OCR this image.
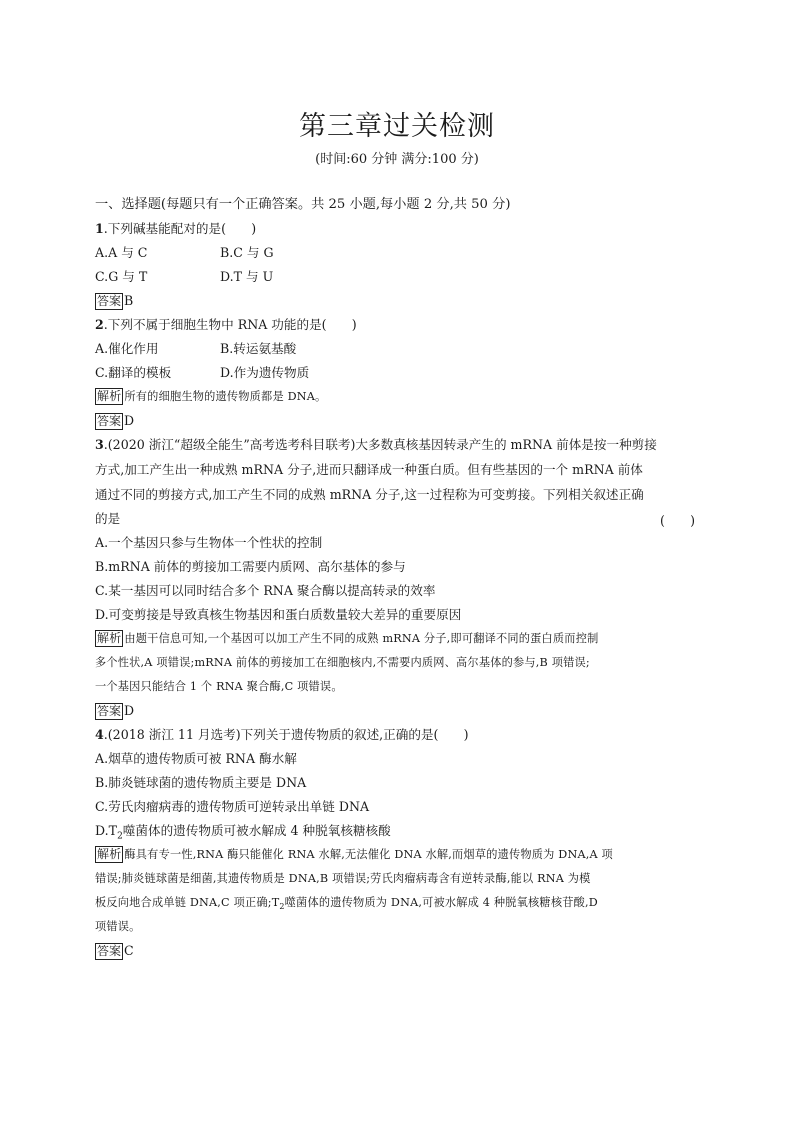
第三章过关检测
(时间:60 分钟 满分:100 分)
一、选择题(每题只有一个正确答案。共 25 小题,每小题 2 分,共 50 分)
1.下列碱基能配对的是(　　)
A.A 与 C	B.C 与 G
C.G 与 T	D.T 与 U
答案 B
2.下列不属于细胞生物中 RNA 功能的是(　　)
A.催化作用	B.转运氨基酸
C.翻译的模板	D.作为遗传物质
解析 所有的细胞生物的遗传物质都是 DNA。
答案 D
3.(2020 浙江“超级全能生”高考选考科目联考)大多数真核基因转录产生的 mRNA 前体是按一种剪接
方式,加工产生出一种成熟 mRNA 分子,进而只翻译成一种蛋白质。但有些基因的一个 mRNA 前体
通过不同的剪接方式,加工产生不同的成熟 mRNA 分子,这一过程称为可变剪接。下列相关叙述正确
的是	(　　)
A.一个基因只参与生物体一个性状的控制
B.mRNA 前体的剪接加工需要内质网、高尔基体的参与
C.某一基因可以同时结合多个 RNA 聚合酶以提高转录的效率
D.可变剪接是导致真核生物基因和蛋白质数量较大差异的重要原因
解析 由题干信息可知,一个基因可以加工产生不同的成熟 mRNA 分子,即可翻译不同的蛋白质而控制
多个性状,A 项错误;mRNA 前体的剪接加工在细胞核内,不需要内质网、高尔基体的参与,B 项错误;
一个基因只能结合 1 个 RNA 聚合酶,C 项错误。
答案 D
4.(2018 浙江 11 月选考)下列关于遗传物质的叙述,正确的是(　　)
A.烟草的遗传物质可被 RNA 酶水解
B.肺炎链球菌的遗传物质主要是 DNA
C.劳氏肉瘤病毒的遗传物质可逆转录出单链 DNA
$D.T_2$噬菌体的遗传物质可被水解成 4 种脱氧核糖核酸
解析 酶具有专一性,RNA 酶只能催化 RNA 水解,无法催化 DNA 水解,而烟草的遗传物质为 DNA,A 项
错误;肺炎链球菌是细菌,其遗传物质是 DNA,B 项错误;劳氏肉瘤病毒含有逆转录酶,能以 RNA 为模
板反向地合成单链 DNA,C 项正确$;T_2$噬菌体的遗传物质为 DNA,可被水解成 4 种脱氧核糖核苷酸,D
项错误。
答案 C
